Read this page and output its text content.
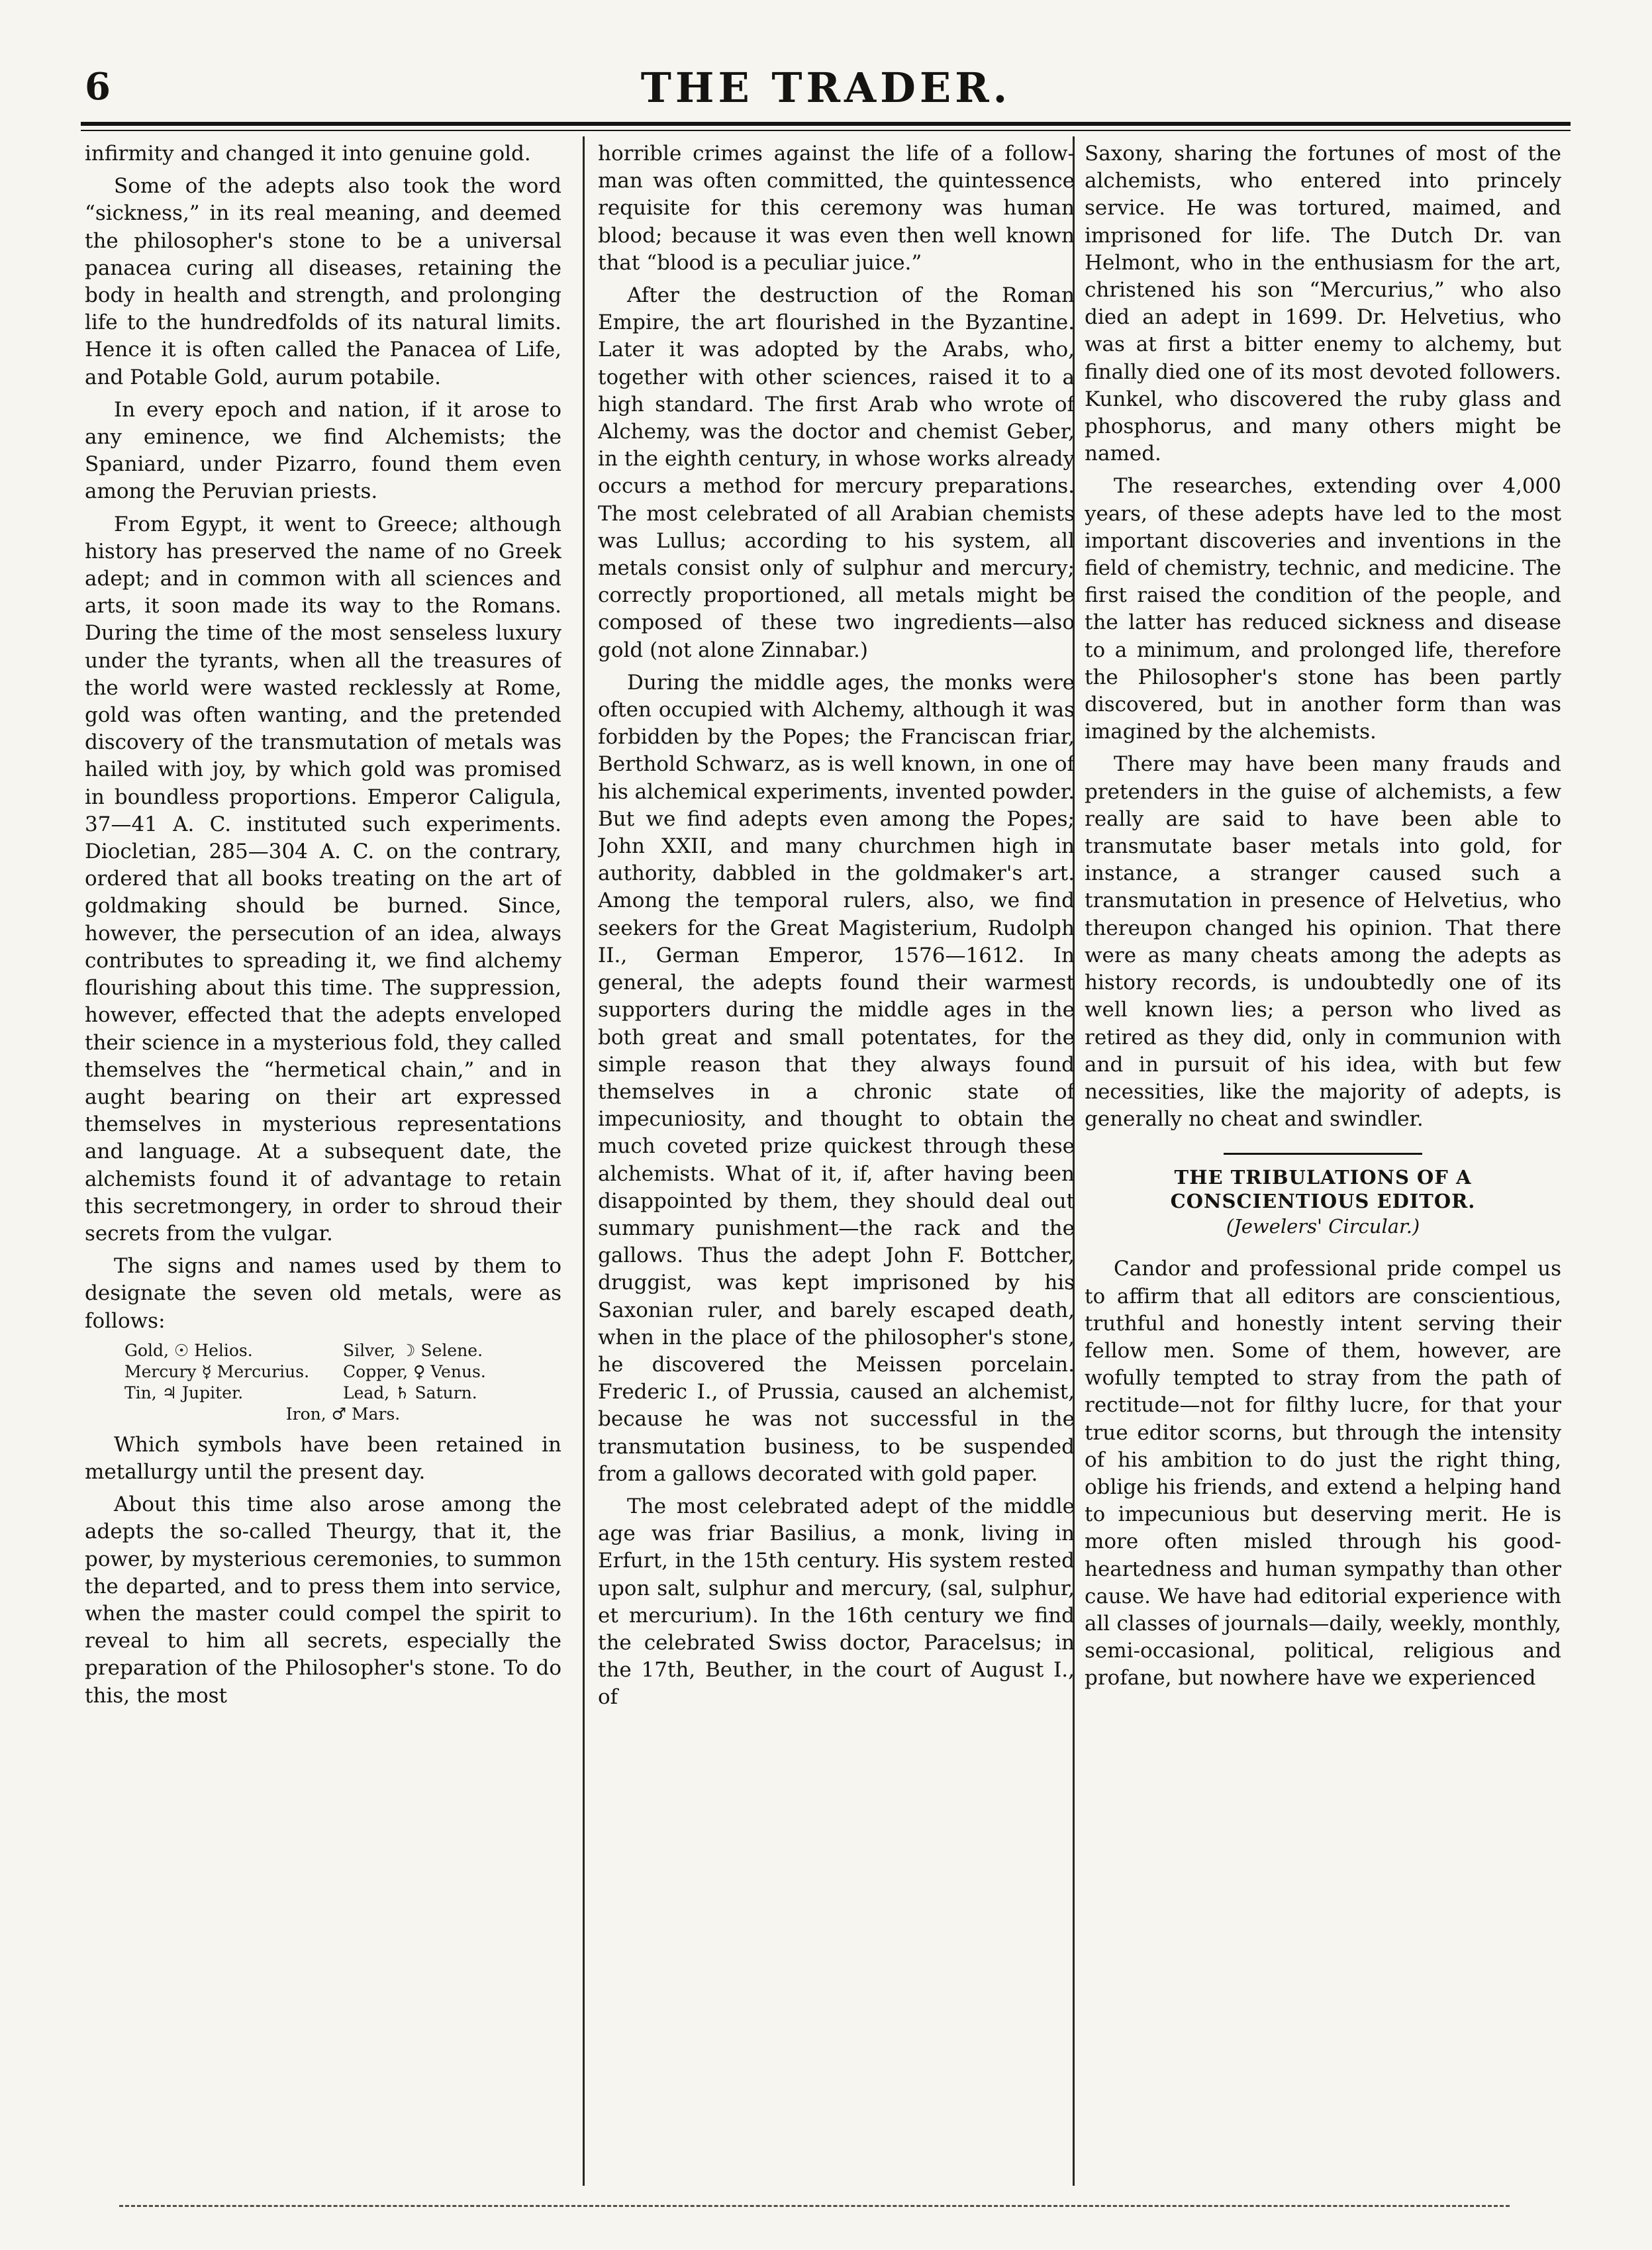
6	THE TRADER.

infirmity and changed it into genuine gold.

Some of the adepts also took the word “sickness,” in its real meaning, and deemed the philosopher's stone to be a universal panacea curing all diseases, retaining the body in health and strength, and prolonging life to the hundredfolds of its natural limits. Hence it is often called the Panacea of Life, and Potable Gold, aurum potabile.

In every epoch and nation, if it arose to any eminence, we find Alchemists; the Spaniard, under Pizarro, found them even among the Peruvian priests.

From Egypt, it went to Greece; although history has preserved the name of no Greek adept; and in common with all sciences and arts, it soon made its way to the Romans. During the time of the most senseless luxury under the tyrants, when all the treasures of the world were wasted recklessly at Rome, gold was often wanting, and the pretended discovery of the transmutation of metals was hailed with joy, by which gold was promised in boundless proportions. Emperor Caligula, 37—41 A. C. instituted such experiments. Diocletian, 285—304 A. C. on the contrary, ordered that all books treating on the art of goldmaking should be burned. Since, however, the persecution of an idea, always contributes to spreading it, we find alchemy flourishing about this time. The suppression, however, effected that the adepts enveloped their science in a mysterious fold, they called themselves the “hermetical chain,” and in aught bearing on their art expressed themselves in mysterious representations and language. At a subsequent date, the alchemists found it of advantage to retain this secretmongery, in order to shroud their secrets from the vulgar.

The signs and names used by them to designate the seven old metals, were as follows:

Gold, ☉ Helios.	Silver, ☽ Selene.
Mercury ☿ Mercurius.	Copper, ♀ Venus.
Tin, ♃ Jupiter.	Lead, ♄ Saturn.
Iron, ♂ Mars.

Which symbols have been retained in metallurgy until the present day.

About this time also arose among the adepts the so-called Theurgy, that it, the power, by mysterious ceremonies, to summon the departed, and to press them into service, when the master could compel the spirit to reveal to him all secrets, especially the preparation of the Philosopher's stone. To do this, the most

horrible crimes against the life of a follow-man was often committed, the quintessence requisite for this ceremony was human blood; because it was even then well known that “blood is a peculiar juice.”

After the destruction of the Roman Empire, the art flourished in the Byzantine. Later it was adopted by the Arabs, who, together with other sciences, raised it to a high standard. The first Arab who wrote of Alchemy, was the doctor and chemist Geber, in the eighth century, in whose works already occurs a method for mercury preparations. The most celebrated of all Arabian chemists was Lullus; according to his system, all metals consist only of sulphur and mercury; correctly proportioned, all metals might be composed of these two ingredients—also gold (not alone Zinnabar.)

During the middle ages, the monks were often occupied with Alchemy, although it was forbidden by the Popes; the Franciscan friar, Berthold Schwarz, as is well known, in one of his alchemical experiments, invented powder. But we find adepts even among the Popes; John XXII, and many churchmen high in authority, dabbled in the goldmaker's art. Among the temporal rulers, also, we find seekers for the Great Magisterium, Rudolph II., German Emperor, 1576—1612. In general, the adepts found their warmest supporters during the middle ages in the both great and small potentates, for the simple reason that they always found themselves in a chronic state of impecuniosity, and thought to obtain the much coveted prize quickest through these alchemists. What of it, if, after having been disappointed by them, they should deal out summary punishment—the rack and the gallows. Thus the adept John F. Bottcher, druggist, was kept imprisoned by his Saxonian ruler, and barely escaped death, when in the place of the philosopher's stone, he discovered the Meissen porcelain. Frederic I., of Prussia, caused an alchemist, because he was not successful in the transmutation business, to be suspended from a gallows decorated with gold paper.

The most celebrated adept of the middle age was friar Basilius, a monk, living in Erfurt, in the 15th century. His system rested upon salt, sulphur and mercury, (sal, sulphur, et mercurium). In the 16th century we find the celebrated Swiss doctor, Paracelsus; in the 17th, Beuther, in the court of August I., of

Saxony, sharing the fortunes of most of the alchemists, who entered into princely service. He was tortured, maimed, and imprisoned for life. The Dutch Dr. van Helmont, who in the enthusiasm for the art, christened his son “Mercurius,” who also died an adept in 1699. Dr. Helvetius, who was at first a bitter enemy to alchemy, but finally died one of its most devoted followers. Kunkel, who discovered the ruby glass and phosphorus, and many others might be named.

The researches, extending over 4,000 years, of these adepts have led to the most important discoveries and inventions in the field of chemistry, technic, and medicine. The first raised the condition of the people, and the latter has reduced sickness and disease to a minimum, and prolonged life, therefore the Philosopher's stone has been partly discovered, but in another form than was imagined by the alchemists.

There may have been many frauds and pretenders in the guise of alchemists, a few really are said to have been able to transmutate baser metals into gold, for instance, a stranger caused such a transmutation in presence of Helvetius, who thereupon changed his opinion. That there were as many cheats among the adepts as history records, is undoubtedly one of its well known lies; a person who lived as retired as they did, only in communion with and in pursuit of his idea, with but few necessities, like the majority of adepts, is generally no cheat and swindler.

THE TRIBULATIONS OF A CONSCIENTIOUS EDITOR.
(Jewelers' Circular.)

Candor and professional pride compel us to affirm that all editors are conscientious, truthful and honestly intent serving their fellow men. Some of them, however, are wofully tempted to stray from the path of rectitude—not for filthy lucre, for that your true editor scorns, but through the intensity of his ambition to do just the right thing, oblige his friends, and extend a helping hand to impecunious but deserving merit. He is more often misled through his good-heartedness and human sympathy than other cause. We have had editorial experience with all classes of journals—daily, weekly, monthly, semi-occasional, political, religious and profane, but nowhere have we experienced
